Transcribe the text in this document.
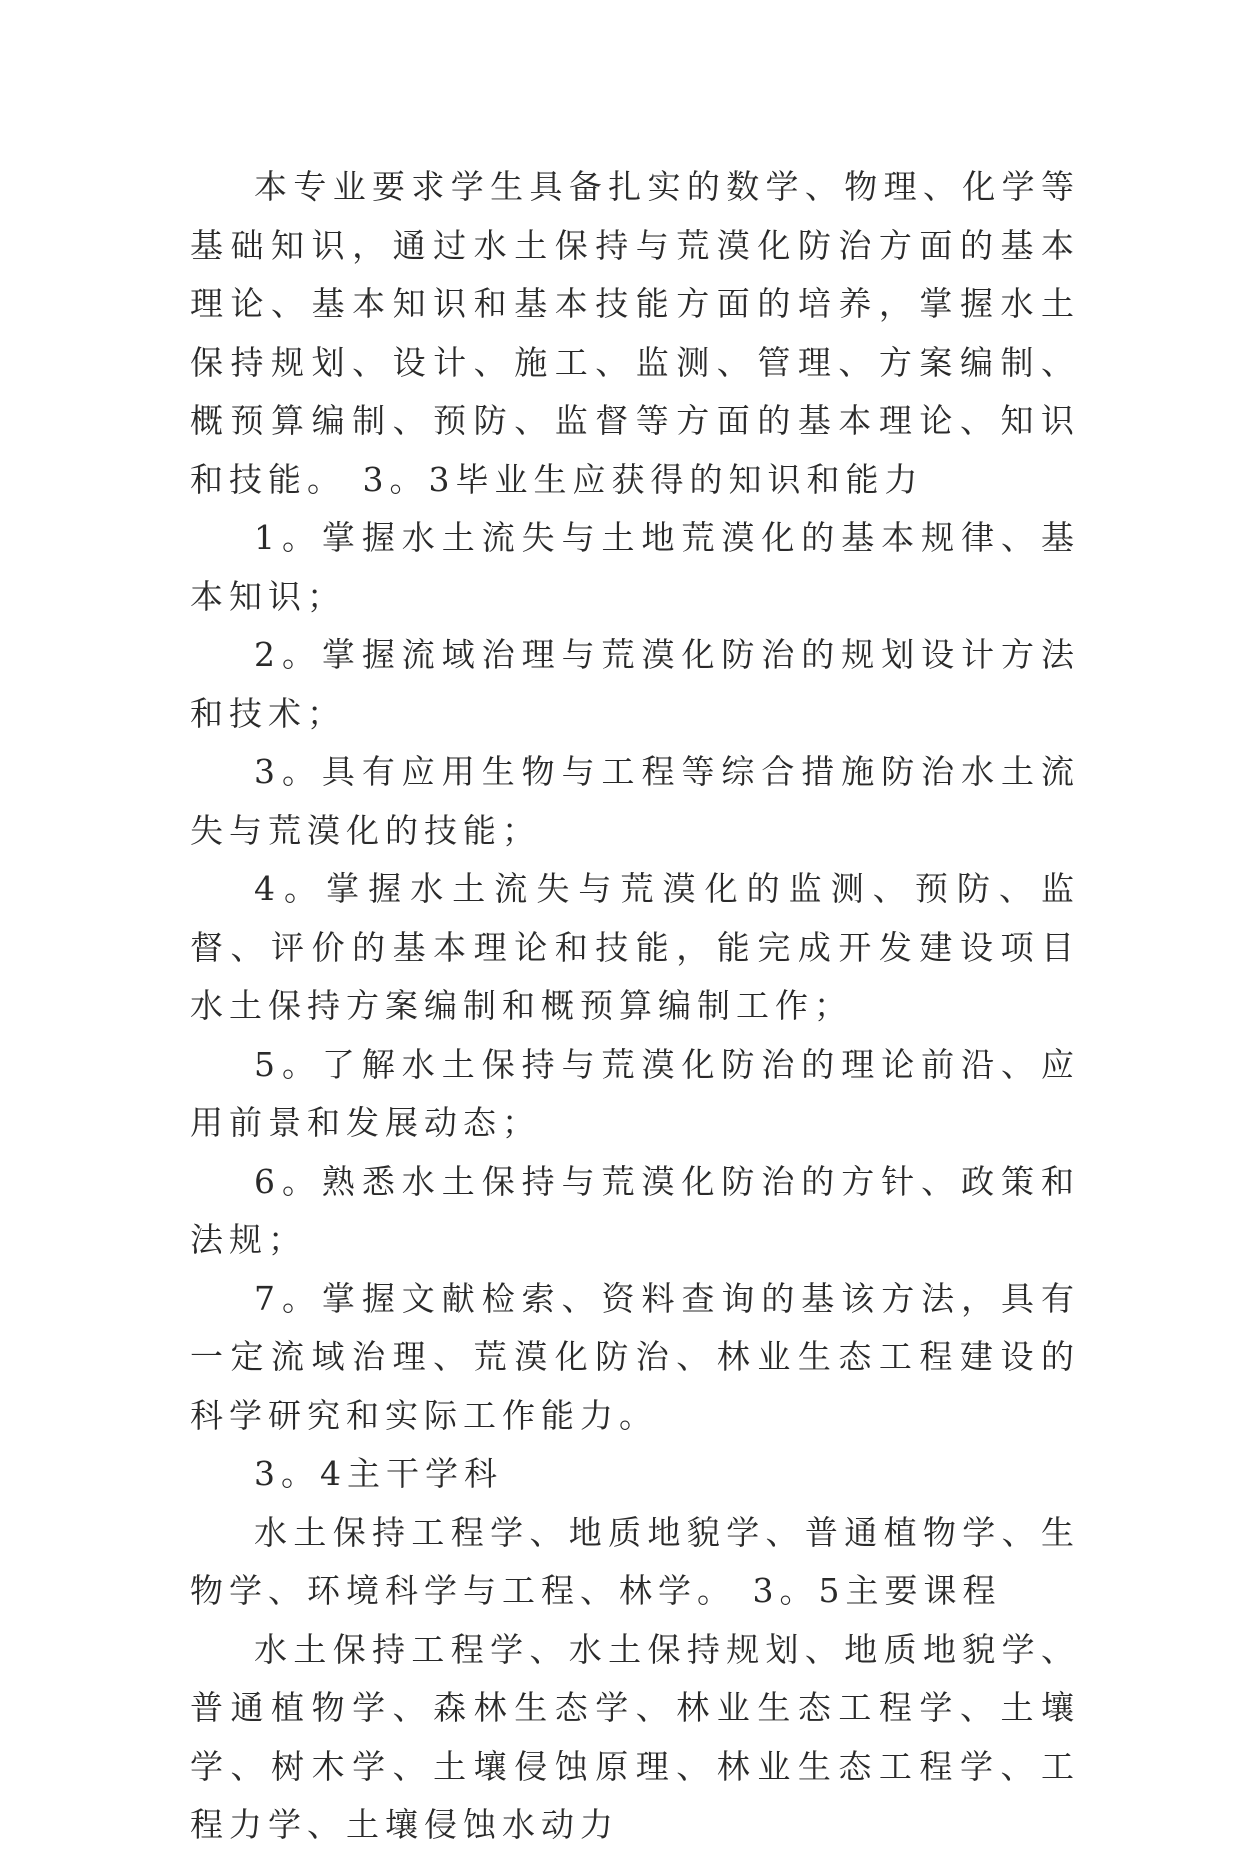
本专业要求学生具备扎实的数学、物理、化学等基础知识，通过水土保持与荒漠化防治方面的基本理论、基本知识和基本技能方面的培养，掌握水土保持规划、设计、施工、监测、管理、方案编制、概预算编制、预防、监督等方面的基本理论、知识和技能。 3。3毕业生应获得的知识和能力

1。掌握水土流失与土地荒漠化的基本规律、基本知识；

2。掌握流域治理与荒漠化防治的规划设计方法和技术；

3。具有应用生物与工程等综合措施防治水土流失与荒漠化的技能；

4。掌握水土流失与荒漠化的监测、预防、监督、评价的基本理论和技能，能完成开发建设项目水土保持方案编制和概预算编制工作；

5。了解水土保持与荒漠化防治的理论前沿、应用前景和发展动态；

6。熟悉水土保持与荒漠化防治的方针、政策和法规；

7。掌握文献检索、资料查询的基该方法，具有一定流域治理、荒漠化防治、林业生态工程建设的科学研究和实际工作能力。

3。4主干学科

水土保持工程学、地质地貌学、普通植物学、生物学、环境科学与工程、林学。 3。5主要课程

水土保持工程学、水土保持规划、地质地貌学、普通植物学、森林生态学、林业生态工程学、土壤学、树木学、土壤侵蚀原理、林业生态工程学、工程力学、土壤侵蚀水动力
